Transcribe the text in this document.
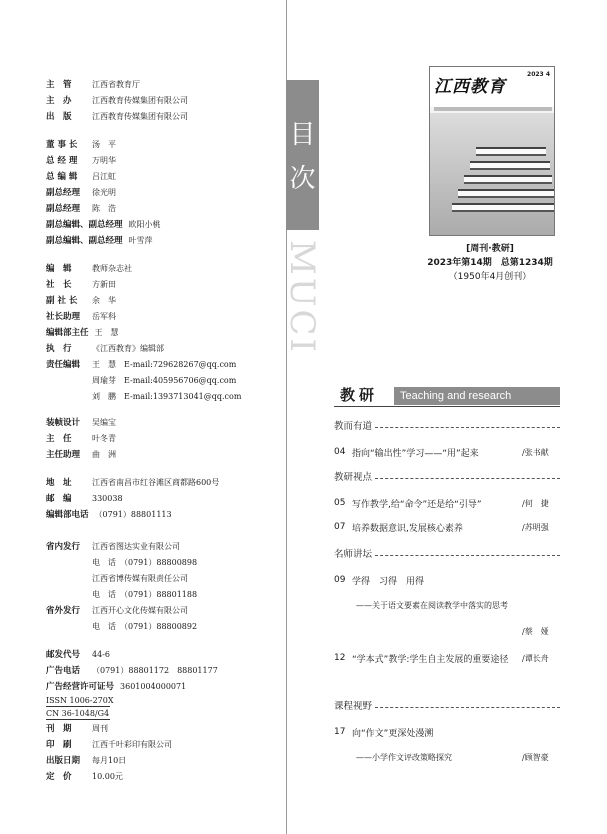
主　管	江西省教育厅
主　办	江西教育传媒集团有限公司
出　版	江西教育传媒集团有限公司
董 事 长	汤　平
总 经 理	万明华
总 编 辑	吕江虹
副总经理	徐光明
副总经理	陈　浩
副总编辑、副总经理 欧阳小桃
副总编辑、副总经理 叶雪萍
编　辑	教师杂志社
社　长	方新田
副 社 长	余　华
社长助理	岳军科
编辑部主任 王　慧
执　行	《江西教育》编辑部
责任编辑	王　慧　E-mail:729628267@qq.com
周瑜芽　E-mail:405956706@qq.com
刘　鹏　E-mail:1393713041@qq.com
装帧设计	吴编宝
主　任	叶冬青
主任助理	曲　洲
地　址	江西省南昌市红谷滩区商都路600号
邮　编	330038
编辑部电话 （0791）88801113
省内发行	江西省图达实业有限公司
电　话　（0791）88800898
江西省博传媒有限责任公司
电　话　（0791）88801188
省外发行	江西开心文化传媒有限公司
电　话　（0791）88800892
邮发代号	44-6
广告电话	（0791）88801172　88801177
广告经营许可证号 3601004000071
ISSN 1006-270X
CN 36-1048/G4
刊　期	周刊
印　刷	江西千叶彩印有限公司
出版日期	每月10日
定　价	10.00元
目
次
MUCI
江西教育
2023 4
[周刊·教研]
2023年第14期　总第1234期
（1950年4月创刊）
教研	Teaching and research
教而有道
04 指向“输出性”学习——“用”起来	/张书献
教研视点
05 写作教学,给“命令”还是给“引导”	/何　捷
07 培养数据意识,发展核心素养	/苏明强
名师讲坛
09 学得　习得　用得
——关于语文要素在阅读教学中落实的思考
/蔡　娅
12 “学本式”教学:学生自主发展的重要途径	/谭长舟
课程视野
17 向“作文”更深处漫溯
——小学作文评改策略探究	/顾智豪
